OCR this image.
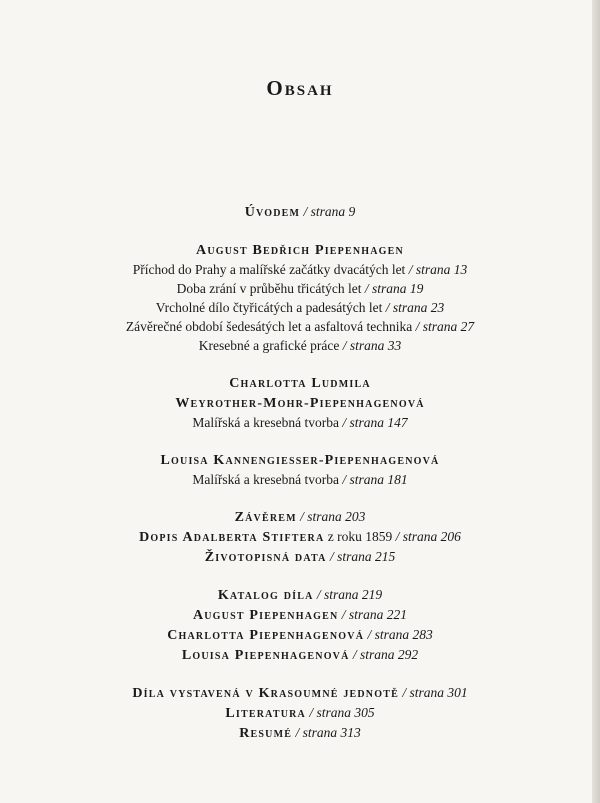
Obsah
Úvodem / strana 9
August Bedřich Piepenhagen
Příchod do Prahy a malířské začátky dvacátých let / strana 13
Doba zrání v průběhu třicátých let / strana 19
Vrcholné dílo čtyřicátých a padesátých let / strana 23
Závěrečné období šedesátých let a asfaltová technika / strana 27
Kresebné a grafické práce / strana 33
Charlotta Ludmila
Weyrother-Mohr-Piepenhagenová
Malířská a kresebná tvorba / strana 147
Louisa Kannengiesser-Piepenhagenová
Malířská a kresebná tvorba / strana 181
Závěrem / strana 203
Dopis Adalberta Stiftera z roku 1859 / strana 206
Životopisná data / strana 215
Katalog díla / strana 219
August Piepenhagen / strana 221
Charlotta Piepenhagenová / strana 283
Louisa Piepenhagenová / strana 292
Díla vystavená v Krasoumné jednotě / strana 301
Literatura / strana 305
Resumé / strana 313
